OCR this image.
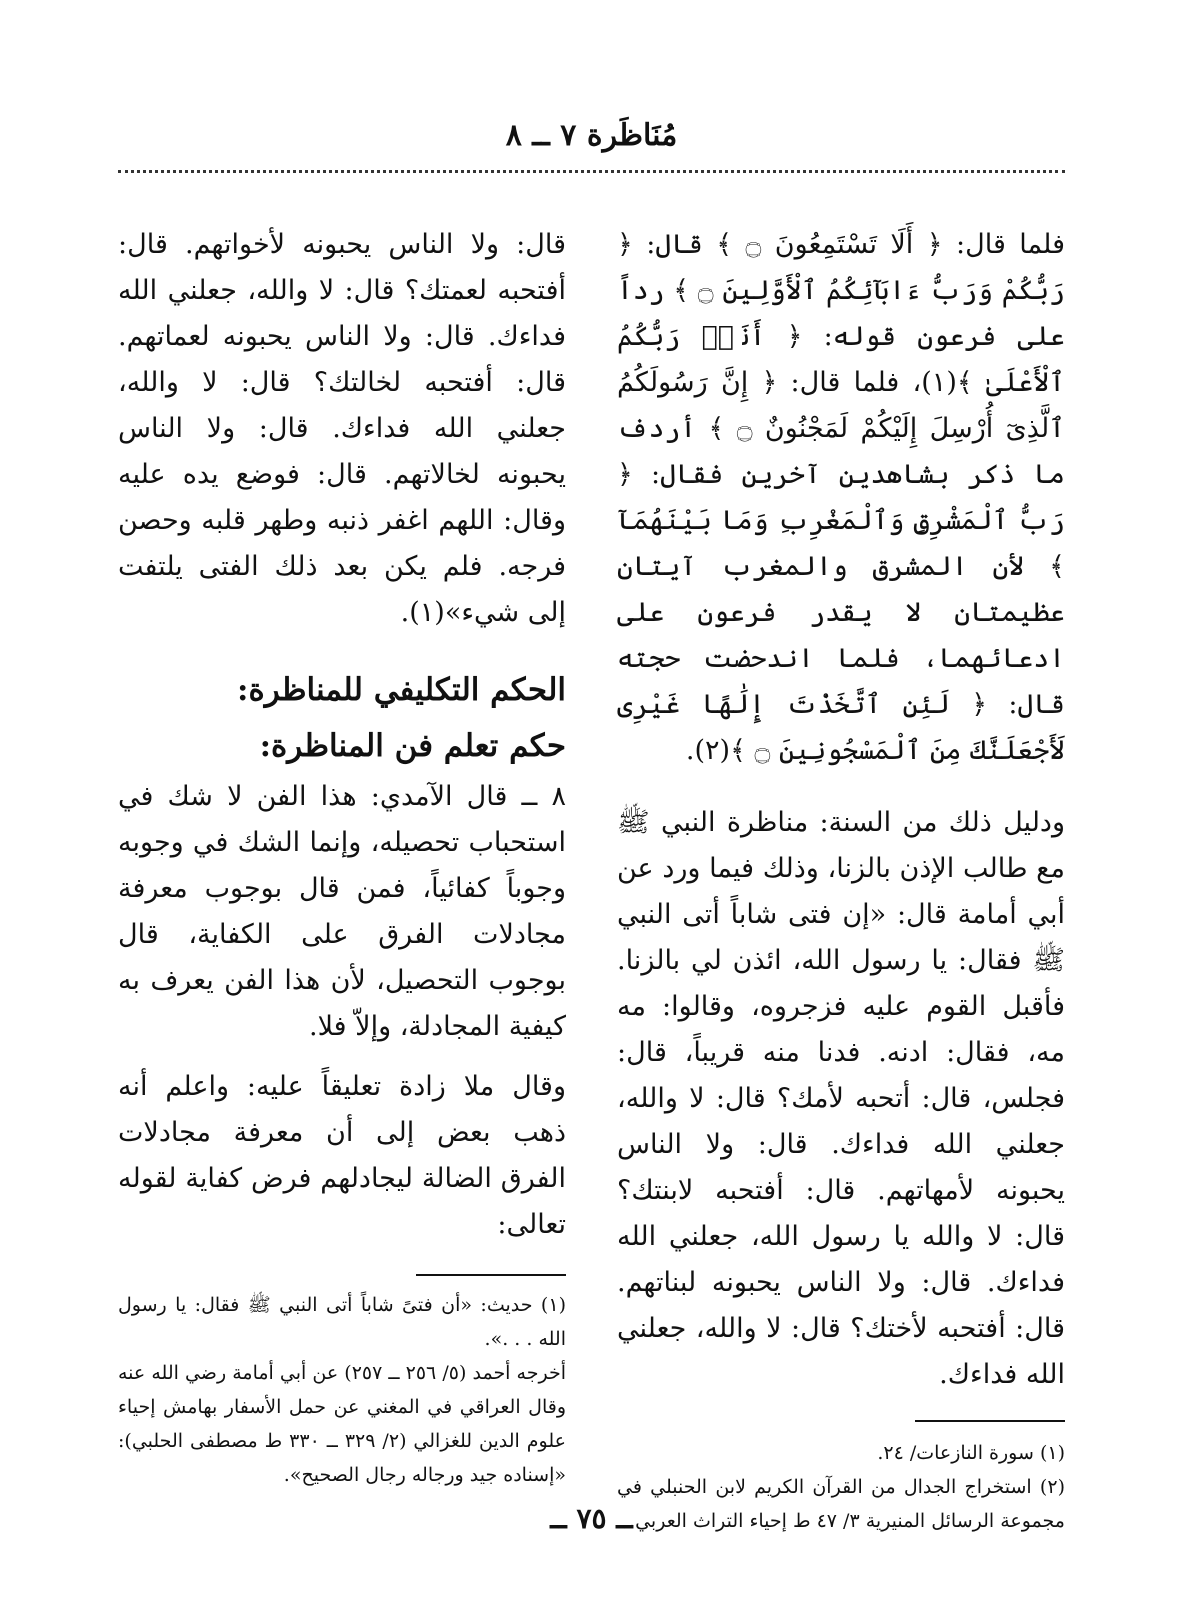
مُنَاظَرة ٧ ــ ٨

فلما قال: ﴿ أَلَا تَسْتَمِعُونَ ۝ ﴾ قال: ﴿ رَبُّكُمْ وَرَبُّ ءَابَآئِكُمُ ٱلْأَوَّلِينَ ۝ ﴾ رداً على فرعون قوله: ﴿ أَنَا۠ رَبُّكُمُ ٱلْأَعْلَىٰ ﴾(١)، فلما قال: ﴿ إِنَّ رَسُولَكُمُ ٱلَّذِىٓ أُرْسِلَ إِلَيْكُمْ لَمَجْنُونٌ ۝ ﴾ أردف ما ذكر بشاهدين آخرين فقال: ﴿ رَبُّ ٱلْمَشْرِقِ وَٱلْمَغْرِبِ وَمَا بَيْنَهُمَآ ﴾ لأن المشرق والمغرب آيتان عظيمتان لا يقدر فرعون على ادعائهما، فلما اندحضت حجته قال: ﴿ لَئِنِ ٱتَّخَذْتَ إِلَٰهًا غَيْرِى لَأَجْعَلَنَّكَ مِنَ ٱلْمَسْجُونِينَ ۝ ﴾(٢).

ودليل ذلك من السنة: مناظرة النبي ﷺ مع طالب الإذن بالزنا، وذلك فيما ورد عن أبي أمامة قال: «إن فتى شاباً أتى النبي ﷺ فقال: يا رسول الله، ائذن لي بالزنا. فأقبل القوم عليه فزجروه، وقالوا: مه مه، فقال: ادنه. فدنا منه قريباً، قال: فجلس، قال: أتحبه لأمك؟ قال: لا والله، جعلني الله فداءك. قال: ولا الناس يحبونه لأمهاتهم. قال: أفتحبه لابنتك؟ قال: لا والله يا رسول الله، جعلني الله فداءك. قال: ولا الناس يحبونه لبناتهم. قال: أفتحبه لأختك؟ قال: لا والله، جعلني الله فداءك.

(١) سورة النازعات/ ٢٤.

(٢) استخراج الجدال من القرآن الكريم لابن الحنبلي في مجموعة الرسائل المنيرية ٣/ ٤٧ ط إحياء التراث العربي.

قال: ولا الناس يحبونه لأخواتهم. قال: أفتحبه لعمتك؟ قال: لا والله، جعلني الله فداءك. قال: ولا الناس يحبونه لعماتهم. قال: أفتحبه لخالتك؟ قال: لا والله، جعلني الله فداءك. قال: ولا الناس يحبونه لخالاتهم. قال: فوضع يده عليه وقال: اللهم اغفر ذنبه وطهر قلبه وحصن فرجه. فلم يكن بعد ذلك الفتى يلتفت إلى شيء»(١).

الحكم التكليفي للمناظرة:

حكم تعلم فن المناظرة:

٨ ــ قال الآمدي: هذا الفن لا شك في استحباب تحصيله، وإنما الشك في وجوبه وجوباً كفائياً، فمن قال بوجوب معرفة مجادلات الفرق على الكفاية، قال بوجوب التحصيل، لأن هذا الفن يعرف به كيفية المجادلة، وإلاّ فلا.

وقال ملا زادة تعليقاً عليه: واعلم أنه ذهب بعض إلى أن معرفة مجادلات الفرق الضالة ليجادلهم فرض كفاية لقوله تعالى:

(١) حديث: «أن فتىً شاباً أتى النبي ﷺ فقال: يا رسول الله . . .».

أخرجه أحمد (٥/ ٢٥٦ ــ ٢٥٧) عن أبي أمامة رضي الله عنه وقال العراقي في المغني عن حمل الأسفار بهامش إحياء علوم الدين للغزالي (٢/ ٣٢٩ ــ ٣٣٠ ط مصطفى الحلبي): «إسناده جيد ورجاله رجال الصحيح».

ــ ٧٥ ــ
